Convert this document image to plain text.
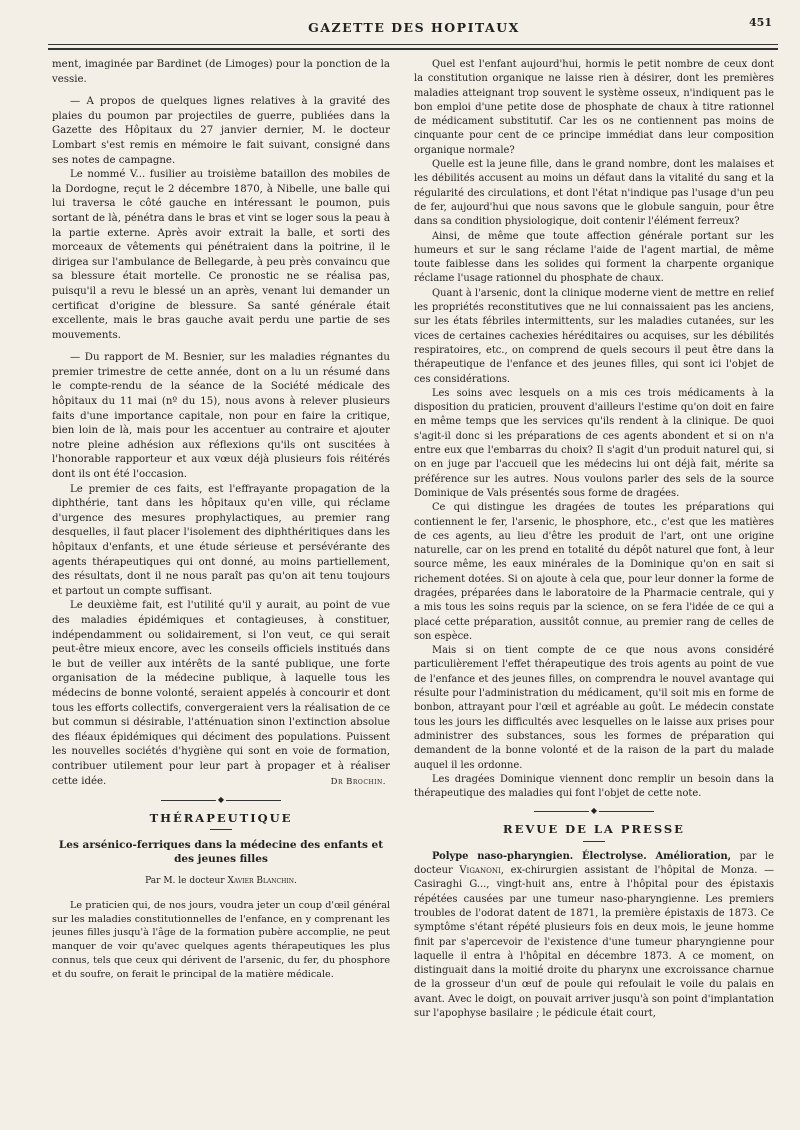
GAZETTE DES HOPITAUX	451

ment, imaginée par Bardinet (de Limoges) pour la ponction de la vessie.

— A propos de quelques lignes relatives à la gravité des plaies du poumon par projectiles de guerre, publiées dans la Gazette des Hôpitaux du 27 janvier dernier, M. le docteur Lombart s'est remis en mémoire le fait suivant, consigné dans ses notes de campagne.

Le nommé V... fusilier au troisième bataillon des mobiles de la Dordogne, reçut le 2 décembre 1870, à Nibelle, une balle qui lui traversa le côté gauche en intéressant le poumon, puis sortant de là, pénétra dans le bras et vint se loger sous la peau à la partie externe. Après avoir extrait la balle, et sorti des morceaux de vêtements qui pénétraient dans la poitrine, il le dirigea sur l'ambulance de Bellegarde, à peu près convaincu que sa blessure était mortelle. Ce pronostic ne se réalisa pas, puisqu'il a revu le blessé un an après, venant lui demander un certificat d'origine de blessure. Sa santé générale était excellente, mais le bras gauche avait perdu une partie de ses mouvements.

— Du rapport de M. Besnier, sur les maladies régnantes du premier trimestre de cette année, dont on a lu un résumé dans le compte-rendu de la séance de la Société médicale des hôpitaux du 11 mai (nº du 15), nous avons à relever plusieurs faits d'une importance capitale, non pour en faire la critique, bien loin de là, mais pour les accentuer au contraire et ajouter notre pleine adhésion aux réflexions qu'ils ont suscitées à l'honorable rapporteur et aux vœux déjà plusieurs fois réitérés dont ils ont été l'occasion.

Le premier de ces faits, est l'effrayante propagation de la diphthérie, tant dans les hôpitaux qu'en ville, qui réclame d'urgence des mesures prophylactiques, au premier rang desquelles, il faut placer l'isolement des diphthéritiques dans les hôpitaux d'enfants, et une étude sérieuse et persévérante des agents thérapeutiques qui ont donné, au moins partiellement, des résultats, dont il ne nous paraît pas qu'on ait tenu toujours et partout un compte suffisant.

Le deuxième fait, est l'utilité qu'il y aurait, au point de vue des maladies épidémiques et contagieuses, à constituer, indépendamment ou solidairement, si l'on veut, ce qui serait peut-être mieux encore, avec les conseils officiels institués dans le but de veiller aux intérêts de la santé publique, une forte organisation de la médecine publique, à laquelle tous les médecins de bonne volonté, seraient appelés à concourir et dont tous les efforts collectifs, convergeraient vers la réalisation de ce but commun si désirable, l'atténuation sinon l'extinction absolue des fléaux épidémiques qui déciment des populations. Puissent les nouvelles sociétés d'hygiène qui sont en voie de formation, contribuer utilement pour leur part à propager et à réaliser cette idée.	Dr Brochin.
◆
THÉRAPEUTIQUE
Les arsénico-ferriques dans la médecine des enfants et des jeunes filles
Par M. le docteur Xavier Blanchin.

Le praticien qui, de nos jours, voudra jeter un coup d'œil général sur les maladies constitutionnelles de l'enfance, en y comprenant les jeunes filles jusqu'à l'âge de la formation pubère accomplie, ne peut manquer de voir qu'avec quelques agents thérapeutiques les plus connus, tels que ceux qui dérivent de l'arsenic, du fer, du phosphore et du soufre, on ferait le principal de la matière médicale.

Quel est l'enfant aujourd'hui, hormis le petit nombre de ceux dont la constitution organique ne laisse rien à désirer, dont les premières maladies atteignant trop souvent le système osseux, n'indiquent pas le bon emploi d'une petite dose de phosphate de chaux à titre rationnel de médicament substitutif. Car les os ne contiennent pas moins de cinquante pour cent de ce principe immédiat dans leur composition organique normale?

Quelle est la jeune fille, dans le grand nombre, dont les malaises et les débilités accusent au moins un défaut dans la vitalité du sang et la régularité des circulations, et dont l'état n'indique pas l'usage d'un peu de fer, aujourd'hui que nous savons que le globule sanguin, pour être dans sa condition physiologique, doit contenir l'élément ferreux?

Ainsi, de même que toute affection générale portant sur les humeurs et sur le sang réclame l'aide de l'agent martial, de même toute faiblesse dans les solides qui forment la charpente organique réclame l'usage rationnel du phosphate de chaux.

Quant à l'arsenic, dont la clinique moderne vient de mettre en relief les propriétés reconstitutives que ne lui connaissaient pas les anciens, sur les états fébriles intermittents, sur les maladies cutanées, sur les vices de certaines cachexies héréditaires ou acquises, sur les débilités respiratoires, etc., on comprend de quels secours il peut être dans la thérapeutique de l'enfance et des jeunes filles, qui sont ici l'objet de ces considérations.

Les soins avec lesquels on a mis ces trois médicaments à la disposition du praticien, prouvent d'ailleurs l'estime qu'on doit en faire en même temps que les services qu'ils rendent à la clinique. De quoi s'agit-il donc si les préparations de ces agents abondent et si on n'a entre eux que l'embarras du choix? Il s'agit d'un produit naturel qui, si on en juge par l'accueil que les médecins lui ont déjà fait, mérite sa préférence sur les autres. Nous voulons parler des sels de la source Dominique de Vals présentés sous forme de dragées.

Ce qui distingue les dragées de toutes les préparations qui contiennent le fer, l'arsenic, le phosphore, etc., c'est que les matières de ces agents, au lieu d'être les produit de l'art, ont une origine naturelle, car on les prend en totalité du dépôt naturel que font, à leur source même, les eaux minérales de la Dominique qu'on en sait si richement dotées. Si on ajoute à cela que, pour leur donner la forme de dragées, préparées dans le laboratoire de la Pharmacie centrale, qui y a mis tous les soins requis par la science, on se fera l'idée de ce qui a placé cette préparation, aussitôt connue, au premier rang de celles de son espèce.

Mais si on tient compte de ce que nous avons considéré particulièrement l'effet thérapeutique des trois agents au point de vue de l'enfance et des jeunes filles, on comprendra le nouvel avantage qui résulte pour l'administration du médicament, qu'il soit mis en forme de bonbon, attrayant pour l'œil et agréable au goût. Le médecin constate tous les jours les difficultés avec lesquelles on le laisse aux prises pour administrer des substances, sous les formes de préparation qui demandent de la bonne volonté et de la raison de la part du malade auquel il les ordonne.

Les dragées Dominique viennent donc remplir un besoin dans la thérapeutique des maladies qui font l'objet de cette note.

◆
REVUE DE LA PRESSE

Polype naso-pharyngien. Électrolyse. Amélioration, par le docteur Viganoni, ex-chirurgien assistant de l'hôpital de Monza. — Casiraghi G..., vingt-huit ans, entre à l'hôpital pour des épistaxis répétées causées par une tumeur naso-pharyngienne. Les premiers troubles de l'odorat datent de 1871, la première épistaxis de 1873. Ce symptôme s'étant répété plusieurs fois en deux mois, le jeune homme finit par s'apercevoir de l'existence d'une tumeur pharyngienne pour laquelle il entra à l'hôpital en décembre 1873. A ce moment, on distinguait dans la moitié droite du pharynx une excroissance charnue de la grosseur d'un œuf de poule qui refoulait le voile du palais en avant. Avec le doigt, on pouvait arriver jusqu'à son point d'implantation sur l'apophyse basilaire ; le pédicule était court,
